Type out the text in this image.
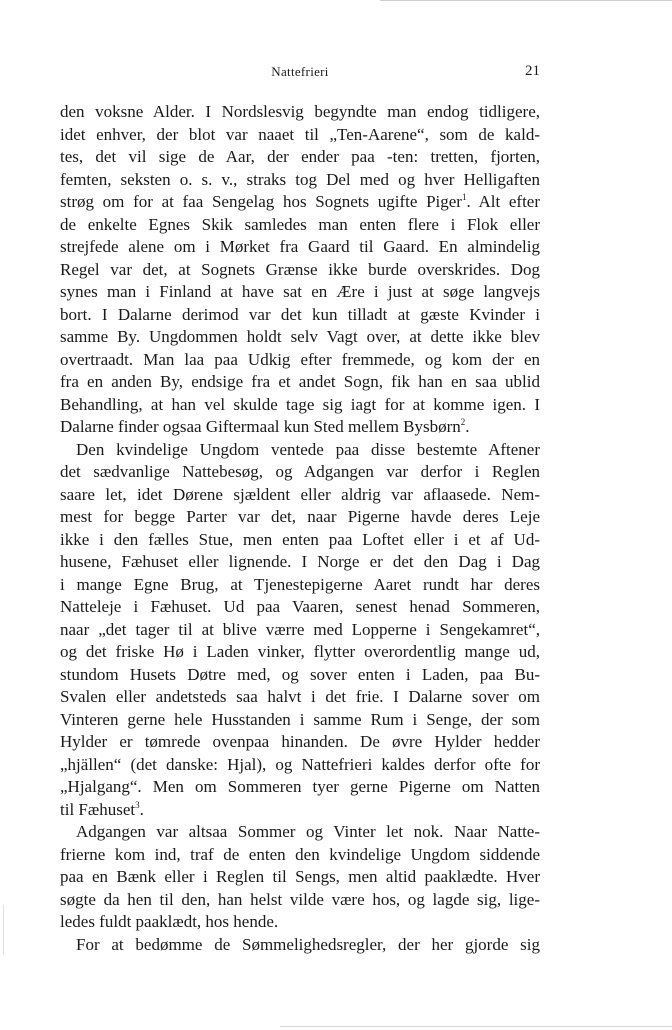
Nattefrieri	21
den voksne Alder. I Nordslesvig begyndte man endog tidligere,
idet enhver, der blot var naaet til „Ten-Aarene“, som de kald-
tes, det vil sige de Aar, der ender paa -ten: tretten, fjorten,
femten, seksten o. s. v., straks tog Del med og hver Helligaften
strøg om for at faa Sengelag hos Sognets ugifte Piger$^1$. Alt efter
de enkelte Egnes Skik samledes man enten flere i Flok eller
strejfede alene om i Mørket fra Gaard til Gaard. En almindelig
Regel var det, at Sognets Grænse ikke burde overskrides. Dog
synes man i Finland at have sat en Ære i just at søge langvejs
bort. I Dalarne derimod var det kun tilladt at gæste Kvinder i
samme By. Ungdommen holdt selv Vagt over, at dette ikke blev
overtraadt. Man laa paa Udkig efter fremmede, og kom der en
fra en anden By, endsige fra et andet Sogn, fik han en saa ublid
Behandling, at han vel skulde tage sig iagt for at komme igen. I
Dalarne finder ogsaa Giftermaal kun Sted mellem Bysbørn$^2$.
Den kvindelige Ungdom ventede paa disse bestemte Aftener
det sædvanlige Nattebesøg, og Adgangen var derfor i Reglen
saare let, idet Dørene sjældent eller aldrig var aflaasede. Nem-
mest for begge Parter var det, naar Pigerne havde deres Leje
ikke i den fælles Stue, men enten paa Loftet eller i et af Ud-
husene, Fæhuset eller lignende. I Norge er det den Dag i Dag
i mange Egne Brug, at Tjenestepigerne Aaret rundt har deres
Natteleje i Fæhuset. Ud paa Vaaren, senest henad Sommeren,
naar „det tager til at blive værre med Lopperne i Sengekamret“,
og det friske Hø i Laden vinker, flytter overordentlig mange ud,
stundom Husets Døtre med, og sover enten i Laden, paa Bu-
Svalen eller andetsteds saa halvt i det frie. I Dalarne sover om
Vinteren gerne hele Husstanden i samme Rum i Senge, der som
Hylder er tømrede ovenpaa hinanden. De øvre Hylder hedder
„hjällen“ (det danske: Hjal), og Nattefrieri kaldes derfor ofte for
„Hjalgang“. Men om Sommeren tyer gerne Pigerne om Natten
til Fæhuset$^3$.
Adgangen var altsaa Sommer og Vinter let nok. Naar Natte-
frierne kom ind, traf de enten den kvindelige Ungdom siddende
paa en Bænk eller i Reglen til Sengs, men altid paaklædte. Hver
søgte da hen til den, han helst vilde være hos, og lagde sig, lige-
ledes fuldt paaklædt, hos hende.
For at bedømme de Sømmelighedsregler, der her gjorde sig
